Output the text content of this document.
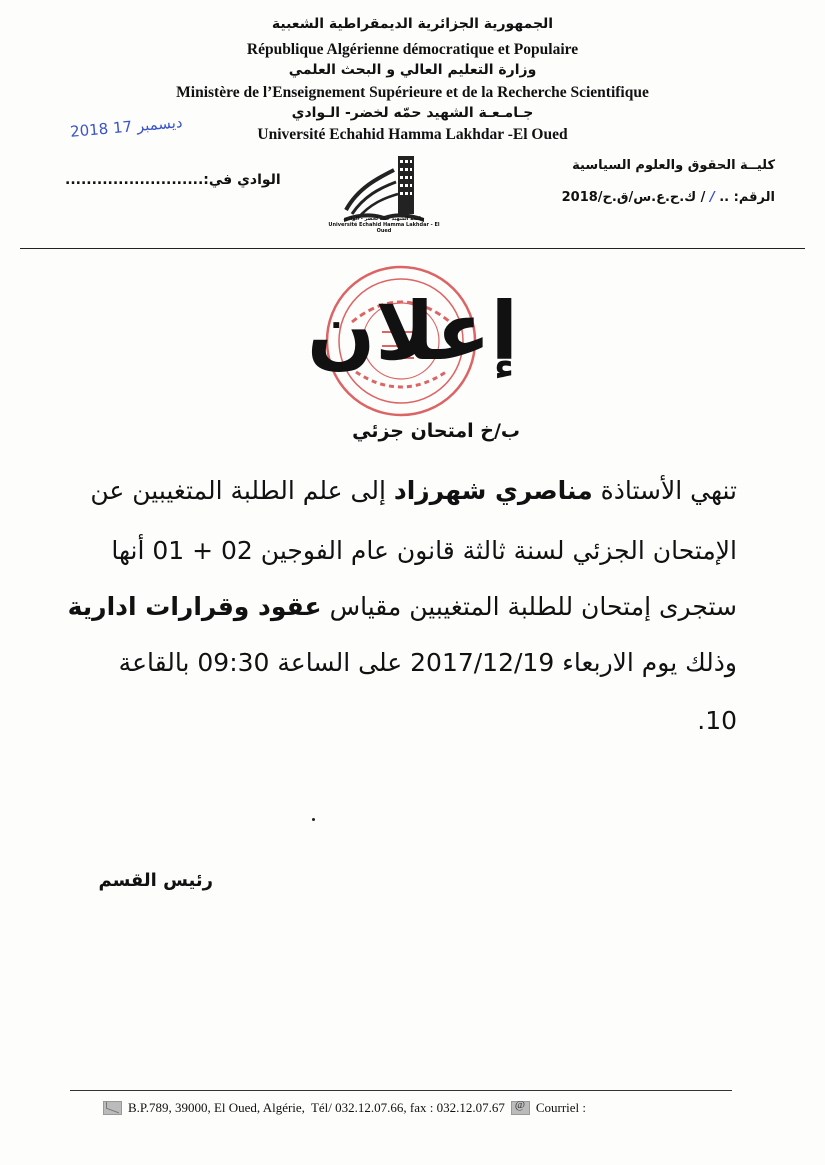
الجمهورية الجزائرية الديمقراطية الشعبية
République Algérienne démocratique et Populaire
وزارة التعليم العالي و البحث العلمي
Ministère de l’Enseignement Supérieure et de la Recherche Scientifique
جـامـعـة الشهيد حمّه لخضر- الـوادي
Université Echahid Hamma Lakhdar -El Oued
2018 ديسمبر 17
كليــة الحقوق والعلوم السياسية
الرقم: .. / / ك.ح.ع.س/ق.ح/2018
الوادي في:..........................
جامعة الشهيد حمّه لخضر - الوادي
Université Echahid Hamma Lakhdar - El Oued
إعلان
ب/خ امتحان جزئي
تنهي الأستاذة مناصري شهرزاد إلى علم الطلبة المتغيبين عن
الإمتحان الجزئي لسنة ثالثة قانون عام الفوجين 02 + 01 أنها
ستجرى إمتحان للطلبة المتغيبين مقياس عقود وقرارات ادارية
وذلك يوم الاربعاء 2017/12/19 على الساعة 09:30 بالقاعة
10.
رئيس القسم
B.P.789, 39000, El Oued, Algérie, Tél/ 032.12.07.66, fax : 032.12.07.67
@ Courriel :
